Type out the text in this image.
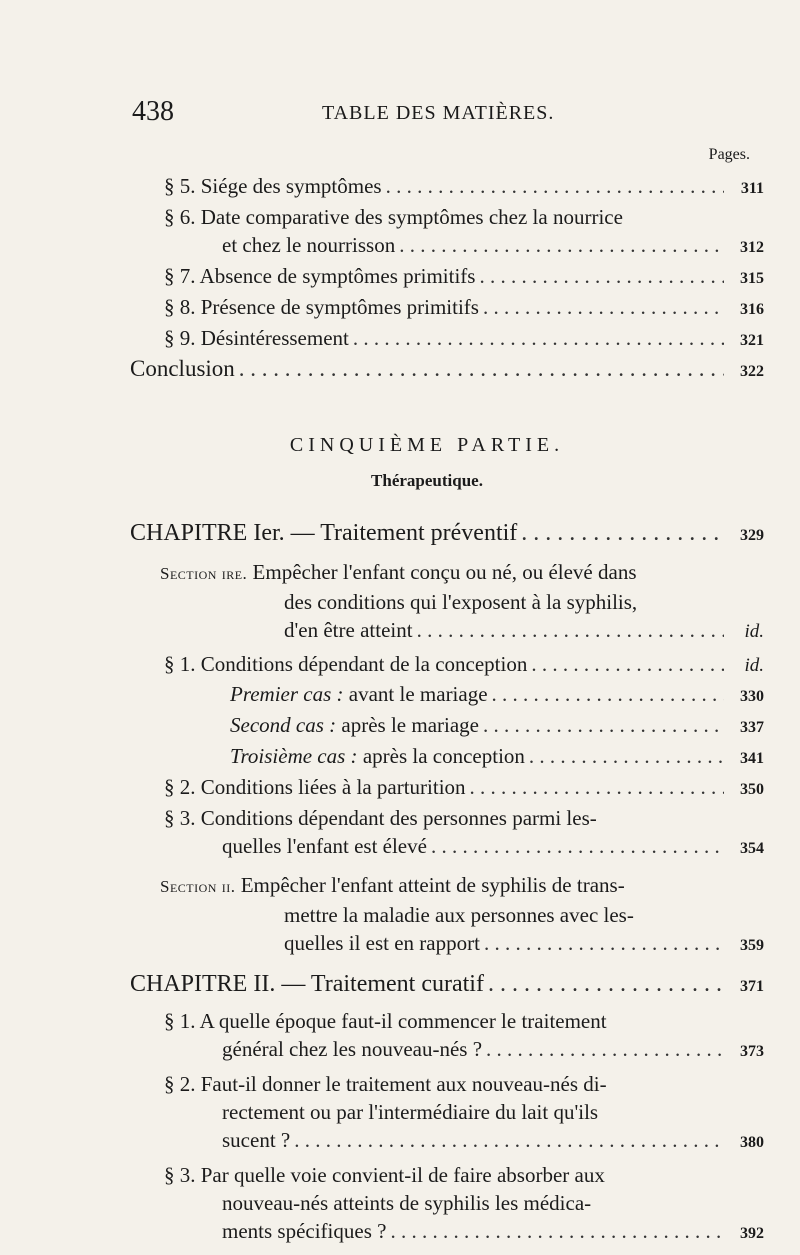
438	TABLE DES MATIÈRES.
Pages.
§ 5. Siége des symptômes . . .	311
§ 6. Date comparative des symptômes chez la nourrice
et chez le nourrisson . . .	312
§ 7. Absence de symptômes primitifs . . .	315
§ 8. Présence de symptômes primitifs . . .	316
§ 9. Désintéressement . . .	321
Conclusion . . .	322
CINQUIÈME PARTIE.
Thérapeutique.
CHAPITRE Ier. — Traitement préventif . . .	329
Section ire. Empêcher l'enfant conçu ou né, ou élevé dans
des conditions qui l'exposent à la syphilis,
d'en être atteint . . .	id.
§ 1. Conditions dépendant de la conception . . .	id.
Premier cas : avant le mariage . . .	330
Second cas : après le mariage . . .	337
Troisième cas : après la conception . . .	341
§ 2. Conditions liées à la parturition . . .	350
§ 3. Conditions dépendant des personnes parmi les-
quelles l'enfant est élevé . . .	354
Section ii. Empêcher l'enfant atteint de syphilis de trans-
mettre la maladie aux personnes avec les-
quelles il est en rapport . . .	359
CHAPITRE II. — Traitement curatif . . .	371
§ 1. A quelle époque faut-il commencer le traitement
général chez les nouveau-nés ? . . .	373
§ 2. Faut-il donner le traitement aux nouveau-nés di-
rectement ou par l'intermédiaire du lait qu'ils
sucent ? . . .	380
§ 3. Par quelle voie convient-il de faire absorber aux
nouveau-nés atteints de syphilis les médica-
ments spécifiques ? . . .	392
